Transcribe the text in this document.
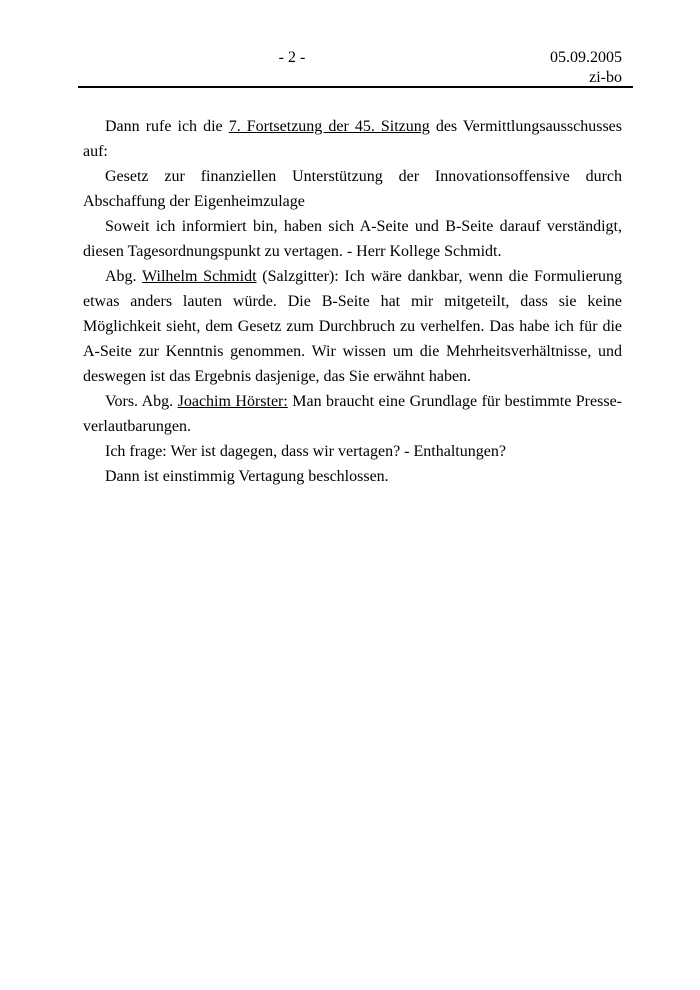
- 2 -	05.09.2005
zi-bo

Dann rufe ich die 7. Fortsetzung der 45. Sitzung des Vermittlungsausschusses auf:

Gesetz zur finanziellen Unterstützung der Innovationsoffensive durch Abschaffung der Eigenheimzulage

Soweit ich informiert bin, haben sich A-Seite und B-Seite darauf verständigt, diesen Tagesordnungspunkt zu vertagen. - Herr Kollege Schmidt.

Abg. Wilhelm Schmidt (Salzgitter): Ich wäre dankbar, wenn die Formulierung etwas anders lauten würde. Die B-Seite hat mir mitgeteilt, dass sie keine Möglichkeit sieht, dem Gesetz zum Durchbruch zu verhelfen. Das habe ich für die A-Seite zur Kenntnis genommen. Wir wissen um die Mehrheitsverhältnisse, und deswegen ist das Ergebnis dasjenige, das Sie erwähnt haben.

Vors. Abg. Joachim Hörster: Man braucht eine Grundlage für bestimmte Presseverlautbarungen.

Ich frage: Wer ist dagegen, dass wir vertagen? - Enthaltungen?

Dann ist einstimmig Vertagung beschlossen.
